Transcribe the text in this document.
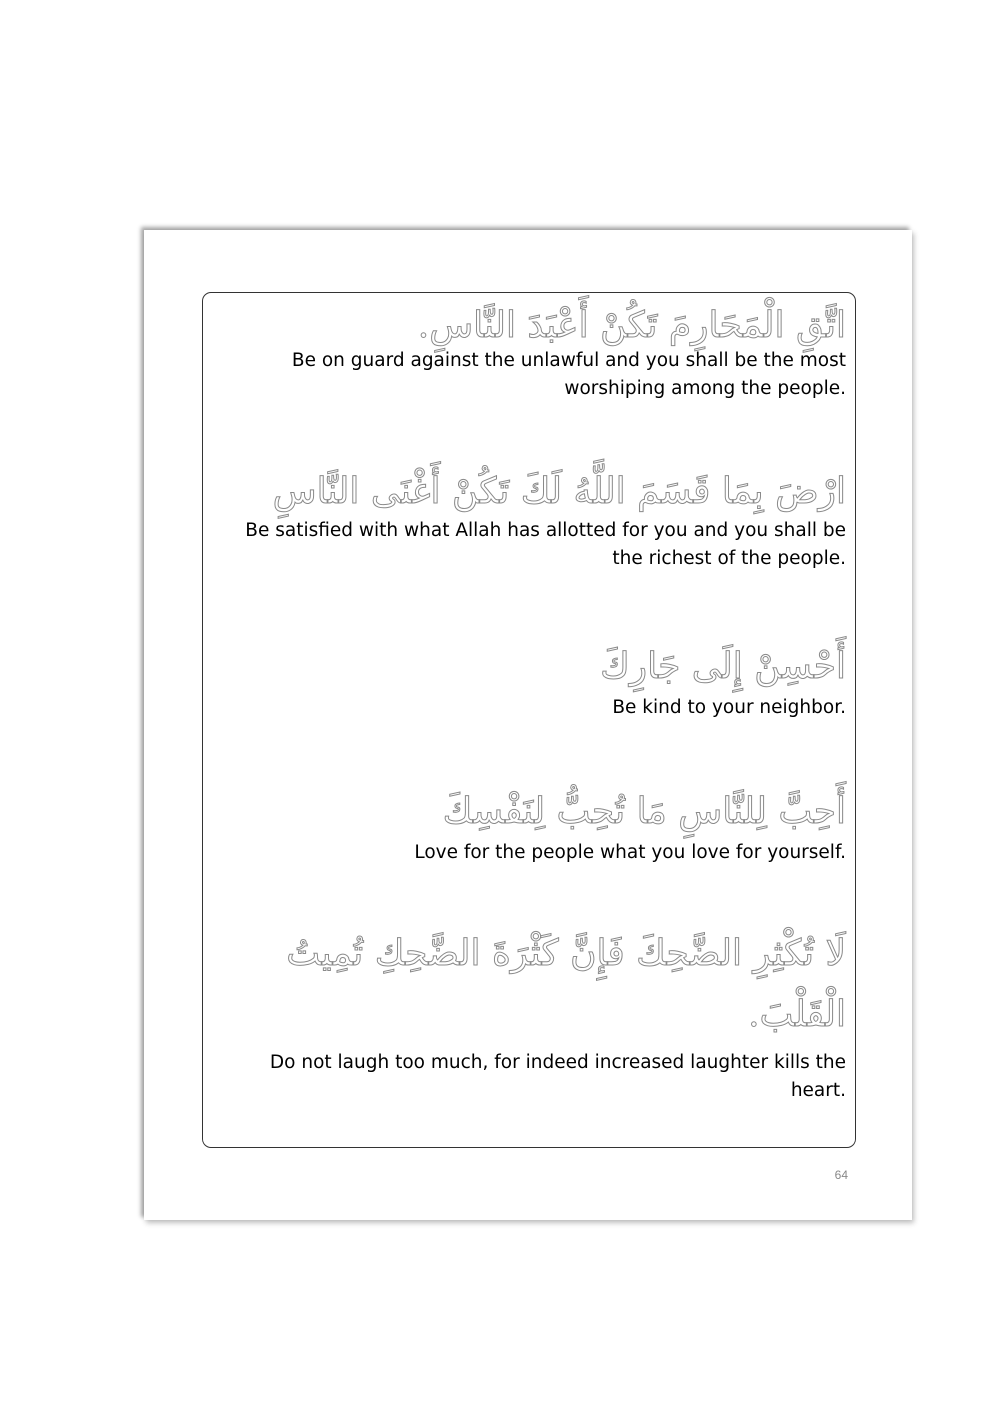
اتَّقِ الْمَحَارِمَ تَكُنْ أَعْبَدَ النَّاسِ.
Be on guard against the unlawful and you shall be the most worshiping among the people.
ارْضَ بِمَا قَسَمَ اللَّهُ لَكَ تَكُنْ أَغْنَى النَّاسِ
Be satisfied with what Allah has allotted for you and you shall be the richest of the people.
أَحْسِنْ إِلَى جَارِكَ
Be kind to your neighbor.
أَحِبَّ لِلنَّاسِ مَا تُحِبُّ لِنَفْسِكَ
Love for the people what you love for yourself.
لَا تُكْثِرِ الضَّحِكَ فَإِنَّ كَثْرَةَ الضَّحِكِ تُمِيتُ الْقَلْبَ.
Do not laugh too much, for indeed increased laughter kills the heart.
64
